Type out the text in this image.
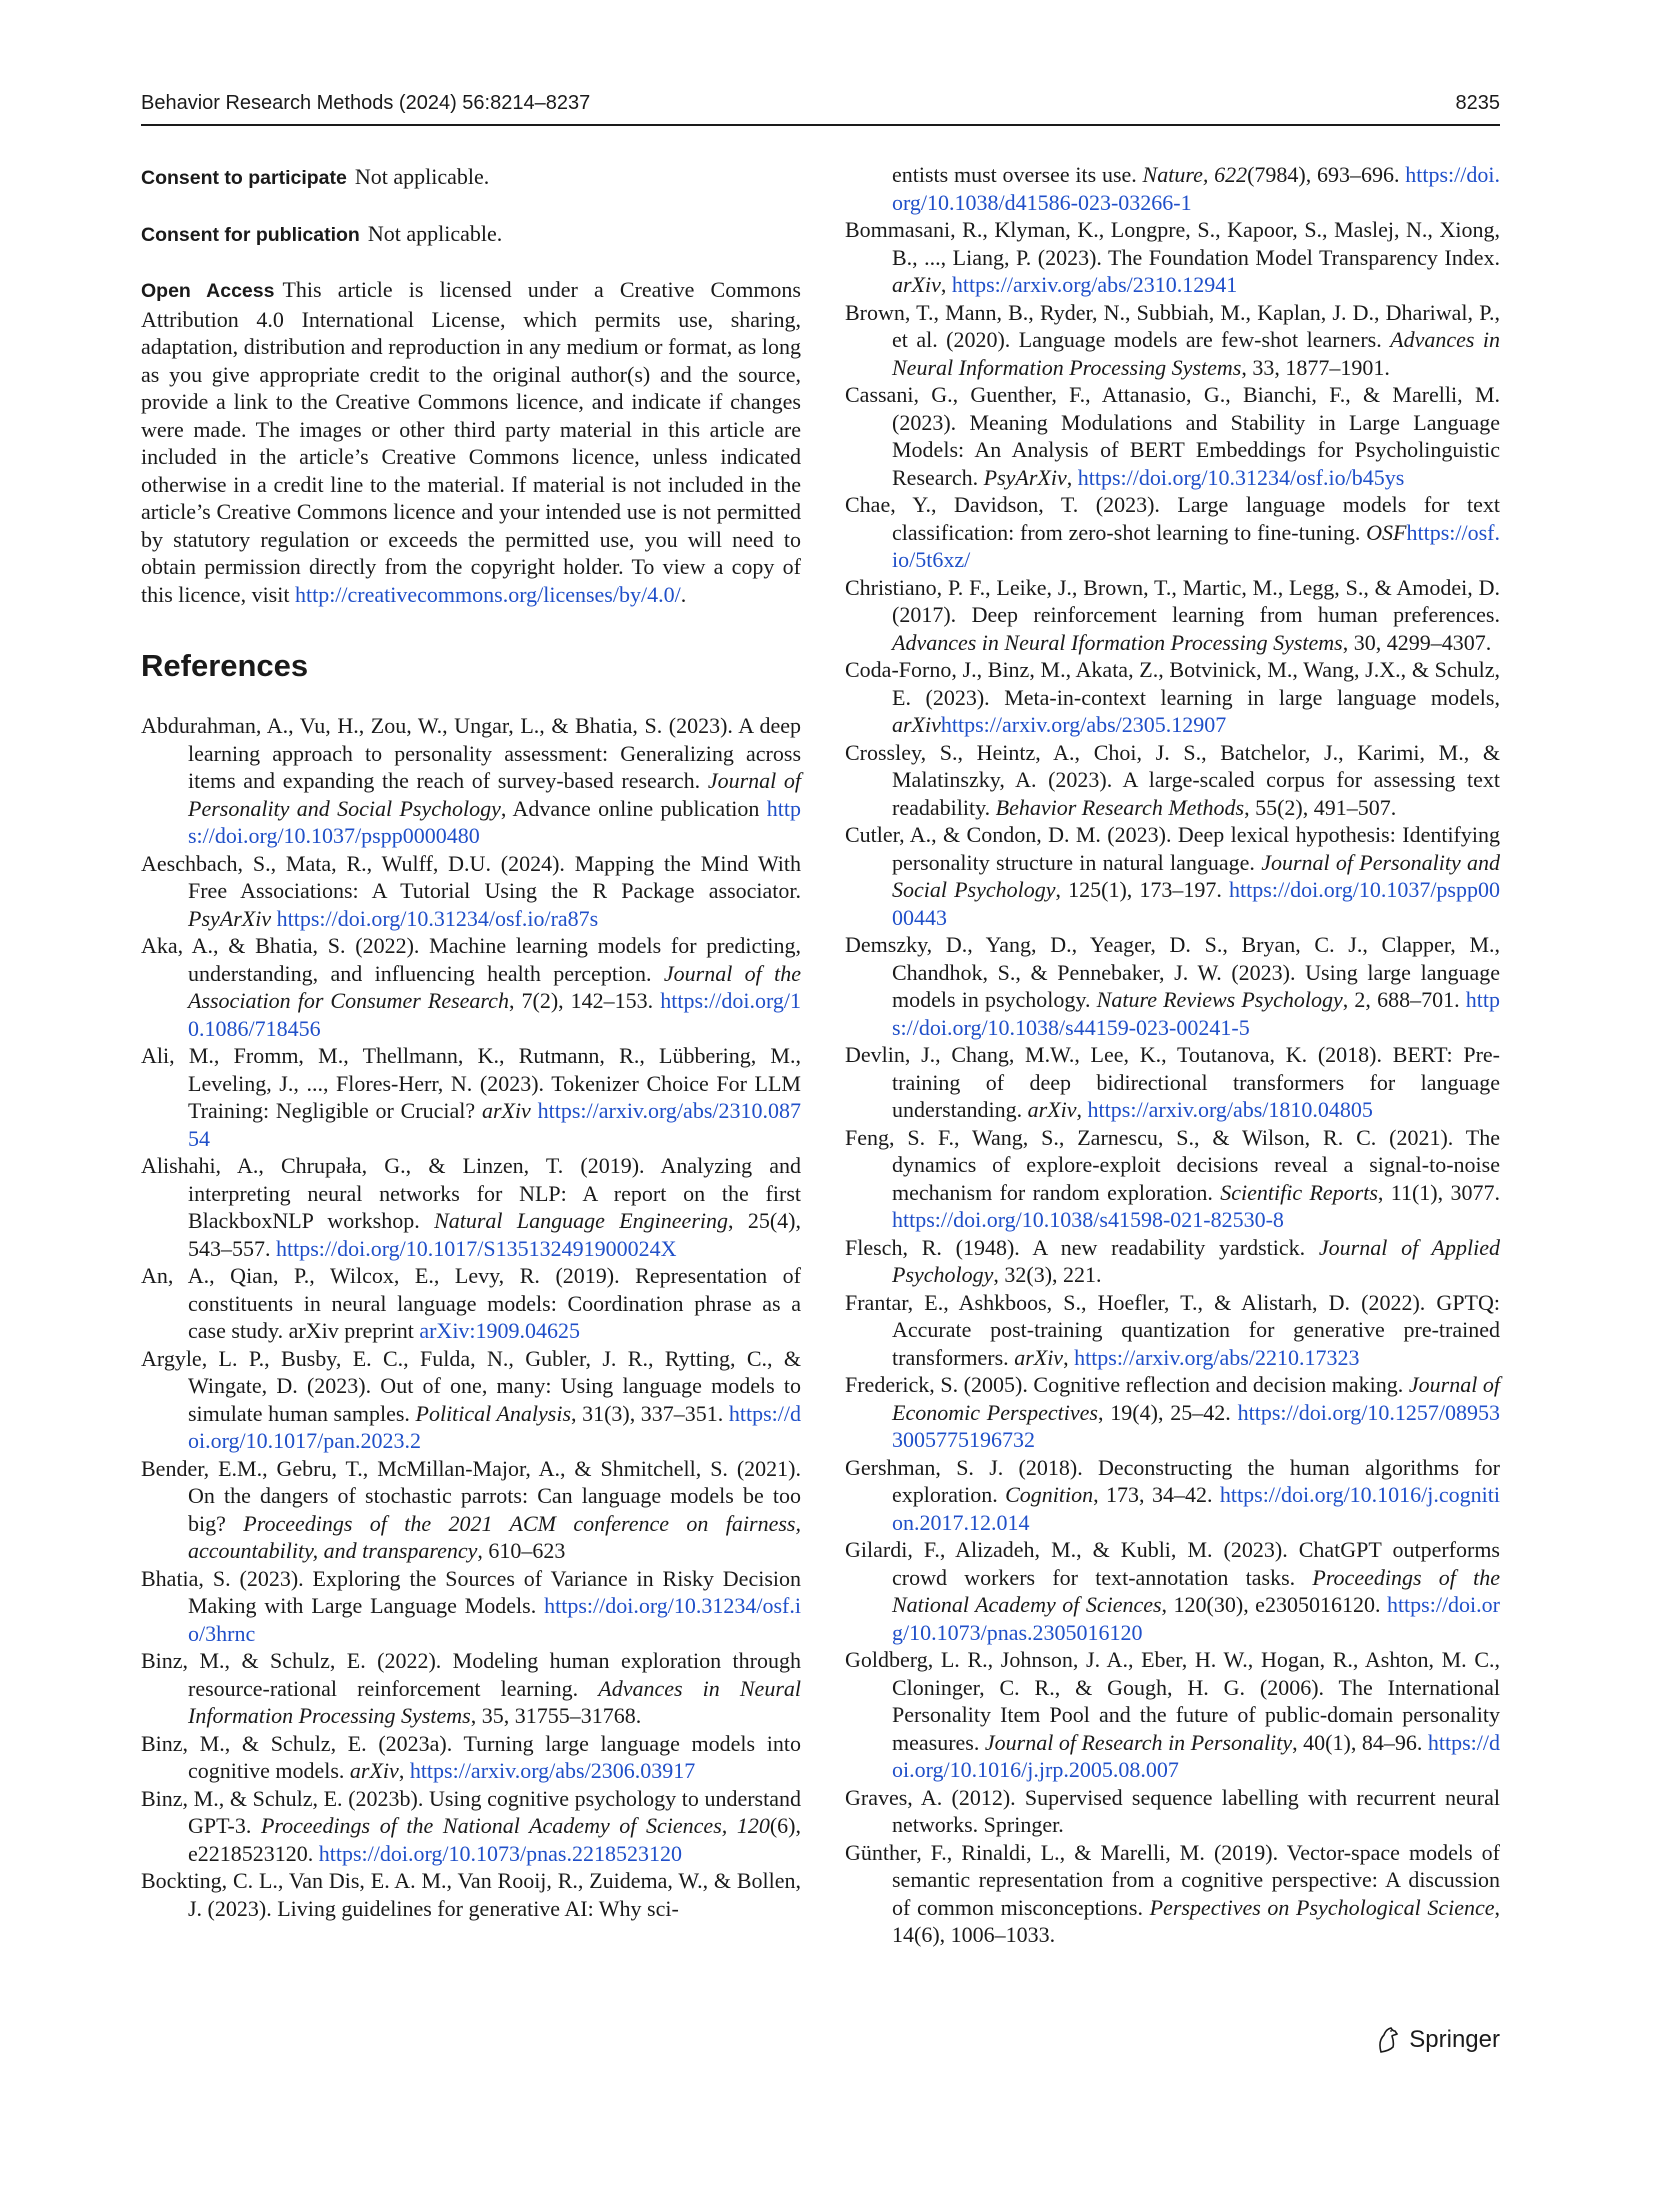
Behavior Research Methods (2024) 56:8214–8237	8235

Consent to participate Not applicable.

Consent for publication Not applicable.

Open Access This article is licensed under a Creative Commons Attribution 4.0 International License, which permits use, sharing, adaptation, distribution and reproduction in any medium or format, as long as you give appropriate credit to the original author(s) and the source, provide a link to the Creative Commons licence, and indicate if changes were made. The images or other third party material in this article are included in the article’s Creative Commons licence, unless indicated otherwise in a credit line to the material. If material is not included in the article’s Creative Commons licence and your intended use is not permitted by statutory regulation or exceeds the permitted use, you will need to obtain permission directly from the copyright holder. To view a copy of this licence, visit http://creativecommons.org/licenses/by/4.0/.

References

Abdurahman, A., Vu, H., Zou, W., Ungar, L., & Bhatia, S. (2023). A deep learning approach to personality assessment: Generalizing across items and expanding the reach of survey-based research. Journal of Personality and Social Psychology, Advance online publication https://doi.org/10.1037/pspp0000480

Aeschbach, S., Mata, R., Wulff, D.U. (2024). Mapping the Mind With Free Associations: A Tutorial Using the R Package associator. PsyArXiv https://doi.org/10.31234/osf.io/ra87s

Aka, A., & Bhatia, S. (2022). Machine learning models for predicting, understanding, and influencing health perception. Journal of the Association for Consumer Research, 7(2), 142–153. https://doi.org/10.1086/718456

Ali, M., Fromm, M., Thellmann, K., Rutmann, R., Lübbering, M., Leveling, J., ..., Flores-Herr, N. (2023). Tokenizer Choice For LLM Training: Negligible or Crucial? arXiv https://arxiv.org/abs/2310.08754

Alishahi, A., Chrupała, G., & Linzen, T. (2019). Analyzing and interpreting neural networks for NLP: A report on the first BlackboxNLP workshop. Natural Language Engineering, 25(4), 543–557. https://doi.org/10.1017/S135132491900024X

An, A., Qian, P., Wilcox, E., Levy, R. (2019). Representation of constituents in neural language models: Coordination phrase as a case study. arXiv preprint arXiv:1909.04625

Argyle, L. P., Busby, E. C., Fulda, N., Gubler, J. R., Rytting, C., & Wingate, D. (2023). Out of one, many: Using language models to simulate human samples. Political Analysis, 31(3), 337–351. https://doi.org/10.1017/pan.2023.2

Bender, E.M., Gebru, T., McMillan-Major, A., & Shmitchell, S. (2021). On the dangers of stochastic parrots: Can language models be too big? Proceedings of the 2021 ACM conference on fairness, accountability, and transparency, 610–623

Bhatia, S. (2023). Exploring the Sources of Variance in Risky Decision Making with Large Language Models. https://doi.org/10.31234/osf.io/3hrnc

Binz, M., & Schulz, E. (2022). Modeling human exploration through resource-rational reinforcement learning. Advances in Neural Information Processing Systems, 35, 31755–31768.

Binz, M., & Schulz, E. (2023a). Turning large language models into cognitive models. arXiv, https://arxiv.org/abs/2306.03917

Binz, M., & Schulz, E. (2023b). Using cognitive psychology to understand GPT-3. Proceedings of the National Academy of Sciences, 120(6), e2218523120. https://doi.org/10.1073/pnas.2218523120

Bockting, C. L., Van Dis, E. A. M., Van Rooij, R., Zuidema, W., & Bollen, J. (2023). Living guidelines for generative AI: Why sci-

entists must oversee its use. Nature, 622(7984), 693–696. https://doi.org/10.1038/d41586-023-03266-1

Bommasani, R., Klyman, K., Longpre, S., Kapoor, S., Maslej, N., Xiong, B., ..., Liang, P. (2023). The Foundation Model Transparency Index. arXiv, https://arxiv.org/abs/2310.12941

Brown, T., Mann, B., Ryder, N., Subbiah, M., Kaplan, J. D., Dhariwal, P., et al. (2020). Language models are few-shot learners. Advances in Neural Information Processing Systems, 33, 1877–1901.

Cassani, G., Guenther, F., Attanasio, G., Bianchi, F., & Marelli, M. (2023). Meaning Modulations and Stability in Large Language Models: An Analysis of BERT Embeddings for Psycholinguistic Research. PsyArXiv, https://doi.org/10.31234/osf.io/b45ys

Chae, Y., Davidson, T. (2023). Large language models for text classification: from zero-shot learning to fine-tuning. OSFhttps://osf.io/5t6xz/

Christiano, P. F., Leike, J., Brown, T., Martic, M., Legg, S., & Amodei, D. (2017). Deep reinforcement learning from human preferences. Advances in Neural Iformation Processing Systems, 30, 4299–4307.

Coda-Forno, J., Binz, M., Akata, Z., Botvinick, M., Wang, J.X., & Schulz, E. (2023). Meta-in-context learning in large language models, arXivhttps://arxiv.org/abs/2305.12907

Crossley, S., Heintz, A., Choi, J. S., Batchelor, J., Karimi, M., & Malatinszky, A. (2023). A large-scaled corpus for assessing text readability. Behavior Research Methods, 55(2), 491–507.

Cutler, A., & Condon, D. M. (2023). Deep lexical hypothesis: Identifying personality structure in natural language. Journal of Personality and Social Psychology, 125(1), 173–197. https://doi.org/10.1037/pspp0000443

Demszky, D., Yang, D., Yeager, D. S., Bryan, C. J., Clapper, M., Chandhok, S., & Pennebaker, J. W. (2023). Using large language models in psychology. Nature Reviews Psychology, 2, 688–701. https://doi.org/10.1038/s44159-023-00241-5

Devlin, J., Chang, M.W., Lee, K., Toutanova, K. (2018). BERT: Pre-training of deep bidirectional transformers for language understanding. arXiv, https://arxiv.org/abs/1810.04805

Feng, S. F., Wang, S., Zarnescu, S., & Wilson, R. C. (2021). The dynamics of explore-exploit decisions reveal a signal-to-noise mechanism for random exploration. Scientific Reports, 11(1), 3077. https://doi.org/10.1038/s41598-021-82530-8

Flesch, R. (1948). A new readability yardstick. Journal of Applied Psychology, 32(3), 221.

Frantar, E., Ashkboos, S., Hoefler, T., & Alistarh, D. (2022). GPTQ: Accurate post-training quantization for generative pre-trained transformers. arXiv, https://arxiv.org/abs/2210.17323

Frederick, S. (2005). Cognitive reflection and decision making. Journal of Economic Perspectives, 19(4), 25–42. https://doi.org/10.1257/089533005775196732

Gershman, S. J. (2018). Deconstructing the human algorithms for exploration. Cognition, 173, 34–42. https://doi.org/10.1016/j.cognition.2017.12.014

Gilardi, F., Alizadeh, M., & Kubli, M. (2023). ChatGPT outperforms crowd workers for text-annotation tasks. Proceedings of the National Academy of Sciences, 120(30), e2305016120. https://doi.org/10.1073/pnas.2305016120

Goldberg, L. R., Johnson, J. A., Eber, H. W., Hogan, R., Ashton, M. C., Cloninger, C. R., & Gough, H. G. (2006). The International Personality Item Pool and the future of public-domain personality measures. Journal of Research in Personality, 40(1), 84–96. https://doi.org/10.1016/j.jrp.2005.08.007

Graves, A. (2012). Supervised sequence labelling with recurrent neural networks. Springer.

Günther, F., Rinaldi, L., & Marelli, M. (2019). Vector-space models of semantic representation from a cognitive perspective: A discussion of common misconceptions. Perspectives on Psychological Science, 14(6), 1006–1033.

Springer
